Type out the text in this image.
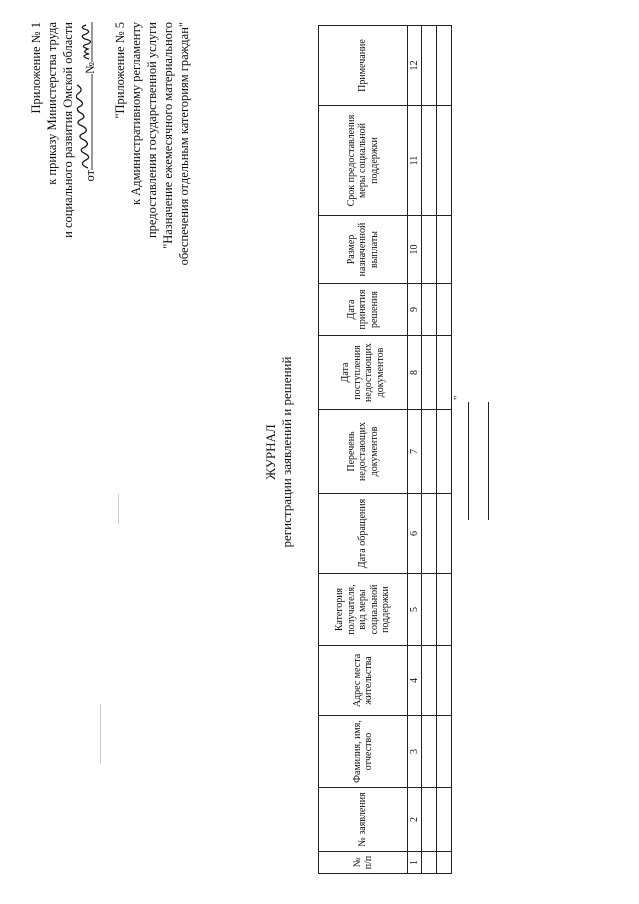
Приложение № 1 к приказу Министерства труда и социального развития Омской области от
№ "Приложение № 5 к Административному регламенту предоставления государственной услуги "Назначение ежемесячного материального обеспечения отдельным категориям граждан"
ЖУРНАЛ регистрации заявлений и решений
№ п/п	№ заявления	Фамилия, имя, отчество	Адрес места жительства	Категория получателя, вид меры социальной поддержки	Дата обращения	Перечень недостающих документов	Дата поступления недостающих документов	Дата принятия решения	Размер назначенной выплаты	Срок предоставления меры социальной поддержки	Примечание
1	2	3	4	5	6	7	8	9	10	11	12

"
